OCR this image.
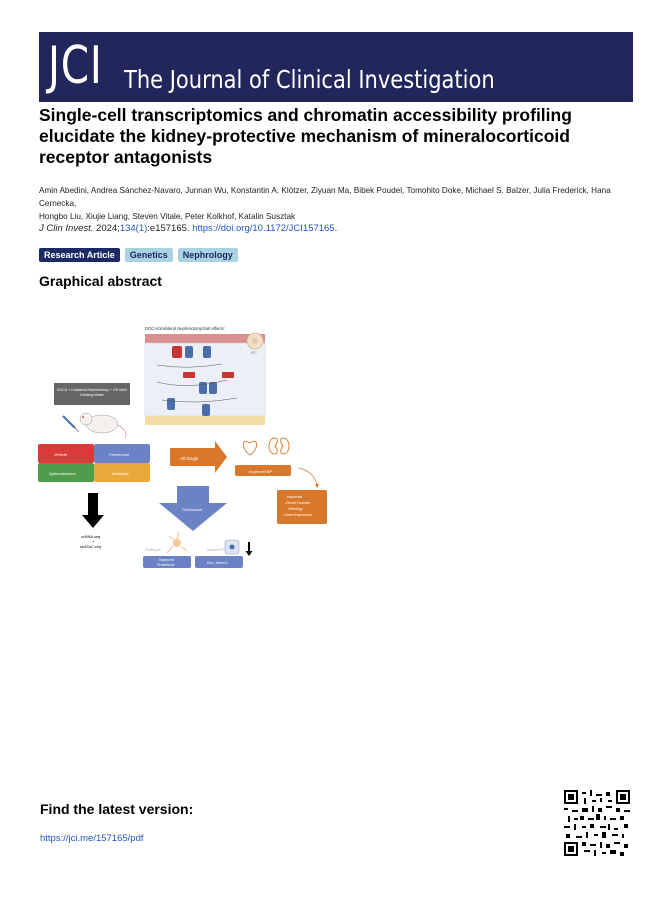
JCI The Journal of Clinical Investigation
Single-cell transcriptomics and chromatin accessibility profiling elucidate the kidney-protective mechanism of mineralocorticoid receptor antagonists
Amin Abedini, Andrea Sánchez-Navaro, Junnan Wu, Konstantin A. Klötzer, Ziyuan Ma, Bibek Poudel, Tomohito Doke, Michael S. Balzer, Julia Frederick, Hana Cernecka,
Hongbo Liu, Xiujie Liang, Steven Vitale, Peter Kolkhof, Katalin Susztak
J Clin Invest. 2024;134(1):e157165. https://doi.org/10.1172/JCI157165.
Research Article	Genetics	Nephrology
Graphical abstract
DOCA/Unilateral Nephrectomy/Salt effects:
IPC
DOCA + Unilateral Nephrectomy + 1% NaCl Drinking Water
Vehicle	Finerenone
Spironolactone	Amiloride
All Drugs
Improved BP
Improved
-Renal Function
-Histology
-Gene Expression
scRNA-seq
+
snATAC-seq
Finerenone
Podocyte	Injured PT
Improved
Proteinuria	Kim, Havcr1
Find the latest version:
https://jci.me/157165/pdf
